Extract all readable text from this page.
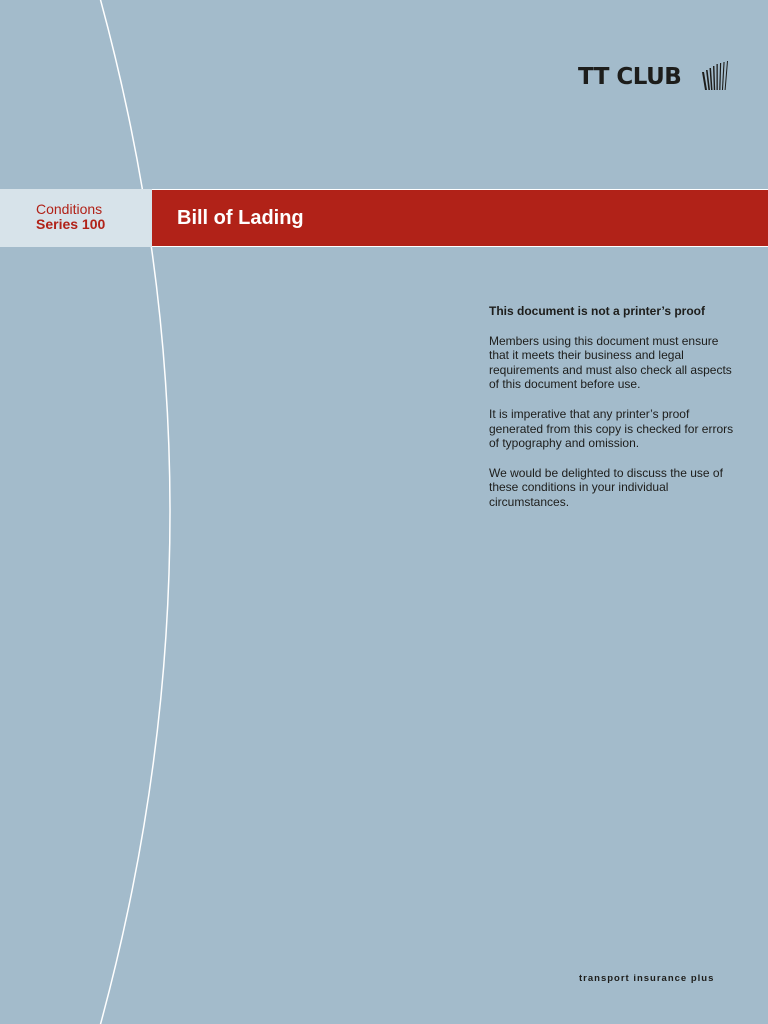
TT CLUB
Conditions
Series 100	Bill of Lading
This document is not a printer’s proof

Members using this document must ensure that it meets their business and legal requirements and must also check all aspects of this document before use.

It is imperative that any printer’s proof generated from this copy is checked for errors of typography and omission.

We would be delighted to discuss the use of these conditions in your individual circumstances.

transport insurance plus
